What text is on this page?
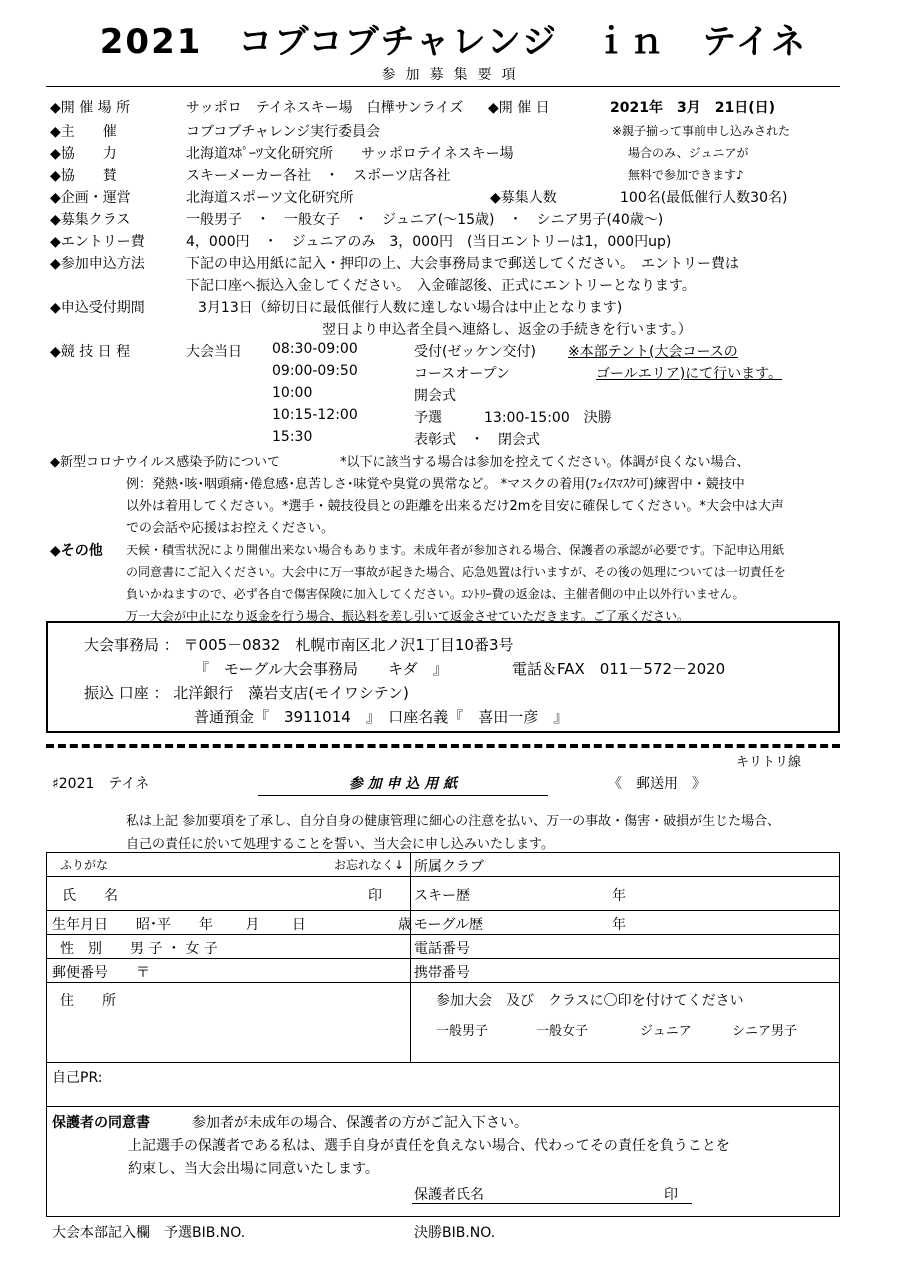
2021　コブコブチャレンジ　ｉｎ　テイネ
参加募集要項
◆開 催 場 所	サッポロ　テイネスキー場　白樺サンライズ ◆開 催 日	2021年　3月　21日(日)
◆主　　催	コブコブチャレンジ実行委員会	※親子揃って事前申し込みされた
◆協　　力	北海道ｽﾎﾟｰﾂ文化研究所　　サッポロテイネスキー場	場合のみ、ジュニアが
◆協　　賛	スキーメーカー各社　・　スポーツ店各社	無料で参加できます♪
◆企画・運営	北海道スポーツ文化研究所	◆募集人数	100名(最低催行人数30名)
◆募集クラス	一般男子　・　一般女子　・　ジュニア(～15歳)　・　シニア男子(40歳～)
◆エントリー費	4，000円　・　ジュニアのみ　3，000円　(当日エントリーは1，000円up)
◆参加申込方法	下記の申込用紙に記入・押印の上、大会事務局まで郵送してください。　エントリー費は
下記口座へ振込入金してください。　入金確認後、正式にエントリーとなります。
◆申込受付期間	3月13日（締切日に最低催行人数に達しない場合は中止となります)
翌日より申込者全員へ連絡し、返金の手続きを行います。）
◆競 技 日 程	大会当日 08:30-09:00	受付(ゼッケン交付) ※本部テント(大会コースの
09:00-09:50	コースオープン	ゴールエリア)にて行います。
10:00	開会式
10:15-12:00	予選　　　13:00-15:00　決勝
15:30	表彰式　・　閉会式
◆新型コロナウイルス感染予防について	*以下に該当する場合は参加を控えてください。体調が良くない場合、
例：発熱･咳･咽頭痛･倦怠感･息苦しさ･味覚や臭覚の異常など。 *マスクの着用(ﾌｪｲｽﾏｽｸ可)練習中・競技中
以外は着用してください。*選手・競技役員との距離を出来るだけ2mを目安に確保してください。*大会中は大声
での会話や応援はお控えください。
◆その他 天候・積雪状況により開催出来ない場合もあります。未成年者が参加される場合、保護者の承認が必要です。下記申込用紙
の同意書にご記入ください。大会中に万一事故が起きた場合、応急処置は行いますが、その後の処理については一切責任を
負いかねますので、必ず各自で傷害保険に加入してください。ｴﾝﾄﾘｰ費の返金は、主催者側の中止以外行いません。
万一大会が中止になり返金を行う場合、振込料を差し引いて返金させていただきます。ご了承ください。
大会事務局 ： 〒005－0832　札幌市南区北ノ沢1丁目10番3号
『　モーグル大会事務局　　キダ　』	電話＆FAX　011－572－2020
振込 口座 ： 北洋銀行　藻岩支店(モイワシテン)
普通預金『　3911014　』　口座名義『　喜田一彦　』
キリトリ線
♯2021　テイネ	参 加 申 込 用 紙	《　郵送用　》
私は上記 参加要項を了承し、自分自身の健康管理に細心の注意を払い、万一の事故・傷害・破損が生じた場合、
自己の責任に於いて処理することを誓い、当大会に申し込みいたします。
ふりがな	お忘れなく↓ 所属クラブ
氏　　名	印 スキー歴	年
生年月日　　昭･平　　年　　 月　　 日	歳 モーグル歴	年
性　別　　男 子 ・ 女 子	電話番号
郵便番号　　〒	携帯番号
住　　所	参加大会　及び　クラスに〇印を付けてください
一般男子	一般女子	ジュニア	シニア男子
自己PR:
保護者の同意書	参加者が未成年の場合、保護者の方がご記入下さい。
上記選手の保護者である私は、選手自身が責任を負えない場合、代わってその責任を負うことを
約束し、当大会出場に同意いたします。
保護者氏名	印
大会本部記入欄　予選BIB.NO.	決勝BIB.NO.
